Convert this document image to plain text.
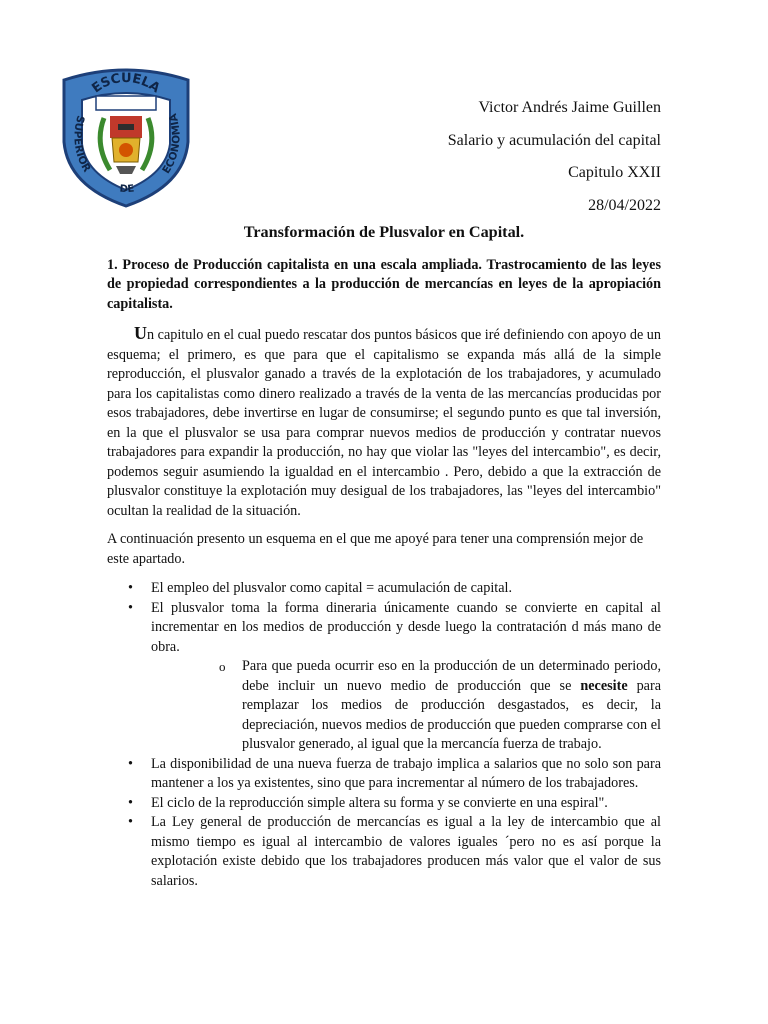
ESCUELA
SUPERIOR	ECONOMIA
DE
Victor Andrés Jaime Guillen
Salario y acumulación del capital
Capitulo XXII
28/04/2022
Transformación de Plusvalor en Capital.
1. Proceso de Producción capitalista en una escala ampliada. Trastrocamiento de las leyes de propiedad correspondientes a la producción de mercancías en leyes de la apropiación capitalista.

Un capitulo en el cual puedo rescatar dos puntos básicos que iré definiendo con apoyo de un esquema; el primero, es que para que el capitalismo se expanda más allá de la simple reproducción, el plusvalor ganado a través de la explotación de los trabajadores, y acumulado para los capitalistas como dinero realizado a través de la venta de las mercancías producidas por esos trabajadores, debe invertirse en lugar de consumirse; el segundo punto es que tal inversión, en la que el plusvalor se usa para comprar nuevos medios de producción y contratar nuevos trabajadores para expandir la producción, no hay que violar las "leyes del intercambio", es decir, podemos seguir asumiendo la igualdad en el intercambio . Pero, debido a que la extracción de plusvalor constituye la explotación muy desigual de los trabajadores, las "leyes del intercambio" ocultan la realidad de la situación.

A continuación presento un esquema en el que me apoyé para tener una comprensión mejor de este apartado.

• El empleo del plusvalor como capital = acumulación de capital.
• El plusvalor toma la forma dineraria únicamente cuando se convierte en capital al incrementar en los medios de producción y desde luego la contratación d más mano de obra.
o Para que pueda ocurrir eso en la producción de un determinado periodo, debe incluir un nuevo medio de producción que se necesite para remplazar los medios de producción desgastados, es decir, la depreciación, nuevos medios de producción que pueden comprarse con el plusvalor generado, al igual que la mercancía fuerza de trabajo.
• La disponibilidad de una nueva fuerza de trabajo implica a salarios que no solo son para mantener a los ya existentes, sino que para incrementar al número de los trabajadores.
• El ciclo de la reproducción simple altera su forma y se convierte en una espiral".
• La Ley general de producción de mercancías es igual a la ley de intercambio que al mismo tiempo es igual al intercambio de valores iguales ´pero no es así porque la explotación existe debido que los trabajadores producen más valor que el valor de sus salarios.
